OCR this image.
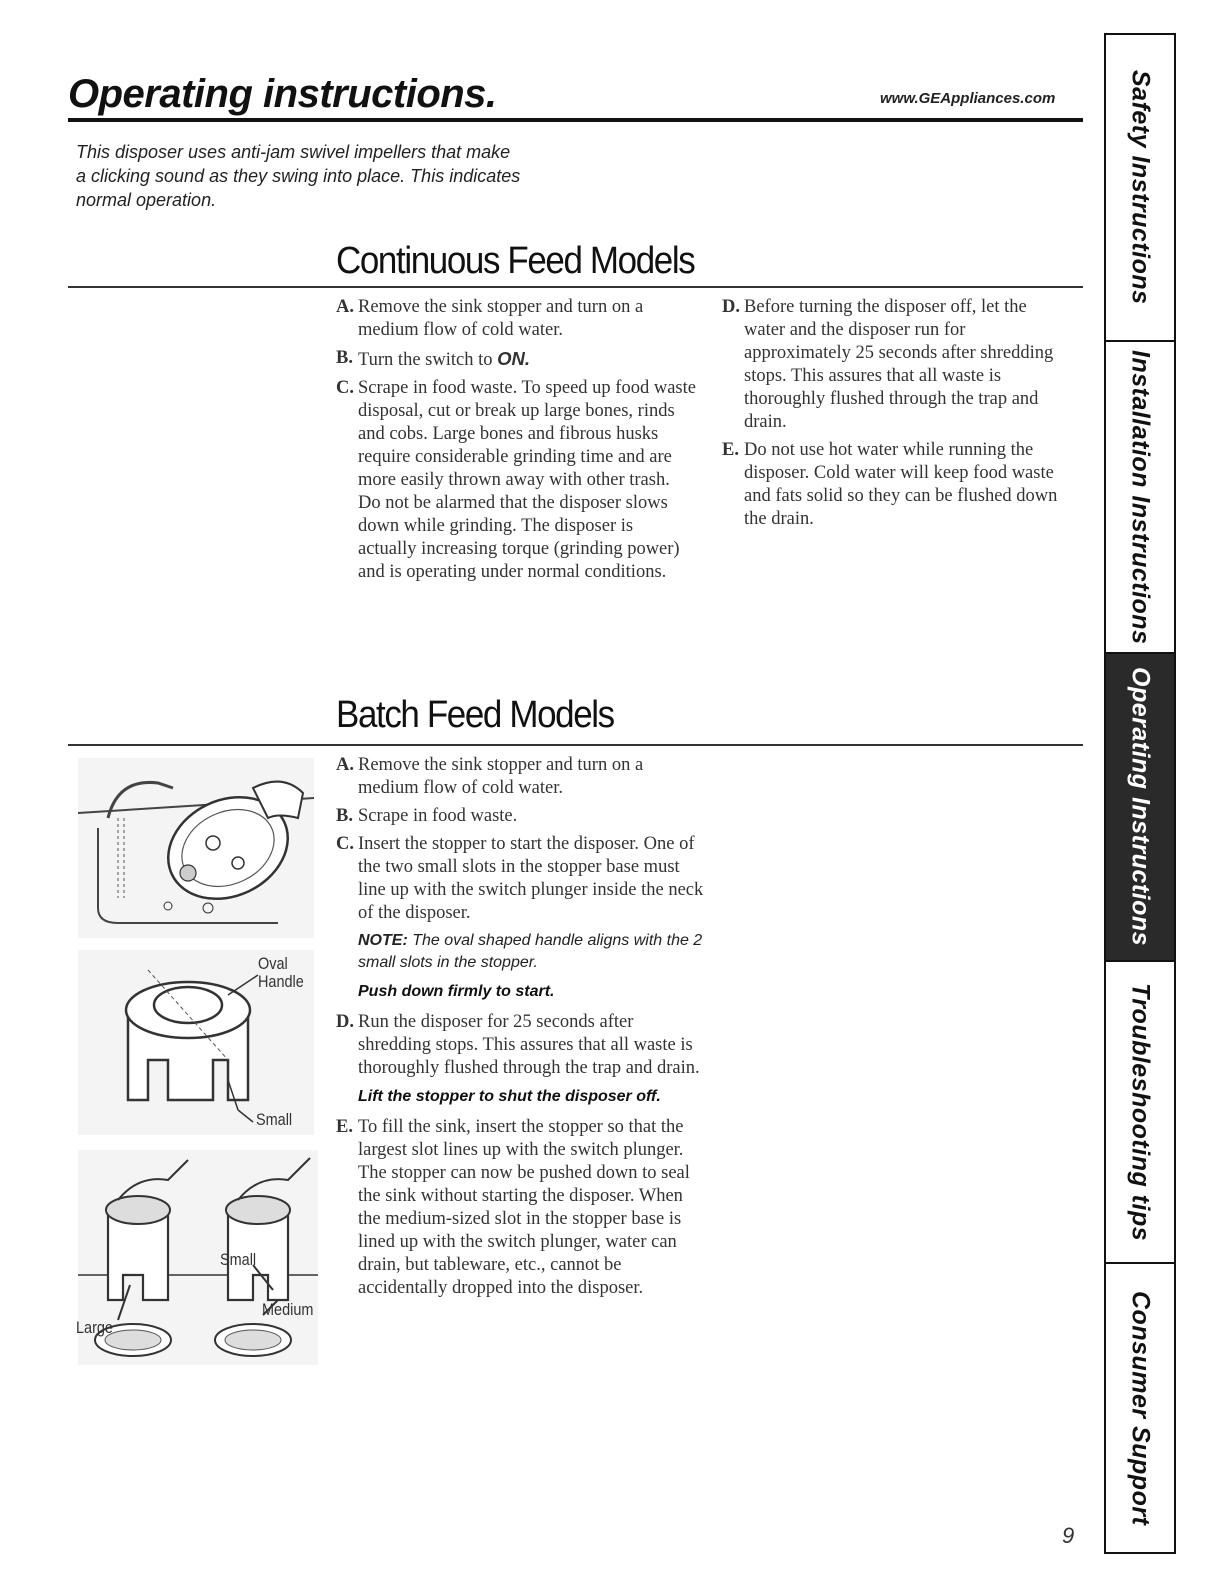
Operating instructions.	www.GEAppliances.com
This disposer uses anti-jam swivel impellers that make
a clicking sound as they swing into place. This indicates
normal operation.
Continuous Feed Models
A. Remove the sink stopper and turn on a medium flow of cold water.
B. Turn the switch to ON.
C. Scrape in food waste. To speed up food waste disposal, cut or break up large bones, rinds and cobs. Large bones and fibrous husks require considerable grinding time and are more easily thrown away with other trash. Do not be alarmed that the disposer slows down while grinding. The disposer is actually increasing torque (grinding power) and is operating under normal conditions.
D. Before turning the disposer off, let the water and the disposer run for approximately 25 seconds after shredding stops. This assures that all waste is thoroughly flushed through the trap and drain.
E. Do not use hot water while running the disposer. Cold water will keep food waste and fats solid so they can be flushed down the drain.
Batch Feed Models
A. Remove the sink stopper and turn on a medium flow of cold water.
B. Scrape in food waste.
C. Insert the stopper to start the disposer. One of the two small slots in the stopper base must line up with the switch plunger inside the neck of the disposer.
NOTE: The oval shaped handle aligns with the 2 small slots in the stopper.
Push down firmly to start.
D. Run the disposer for 25 seconds after shredding stops. This assures that all waste is thoroughly flushed through the trap and drain.
Lift the stopper to shut the disposer off.
E. To fill the sink, insert the stopper so that the largest slot lines up with the switch plunger. The stopper can now be pushed down to seal the sink without starting the disposer. When the medium-sized slot in the stopper base is lined up with the switch plunger, water can drain, but tableware, etc., cannot be accidentally dropped into the disposer.
Oval
Handle
Small
Small
Large
Medium
Safety Instructions
Installation Instructions
Operating Instructions
Troubleshooting tips
Consumer Support
9
